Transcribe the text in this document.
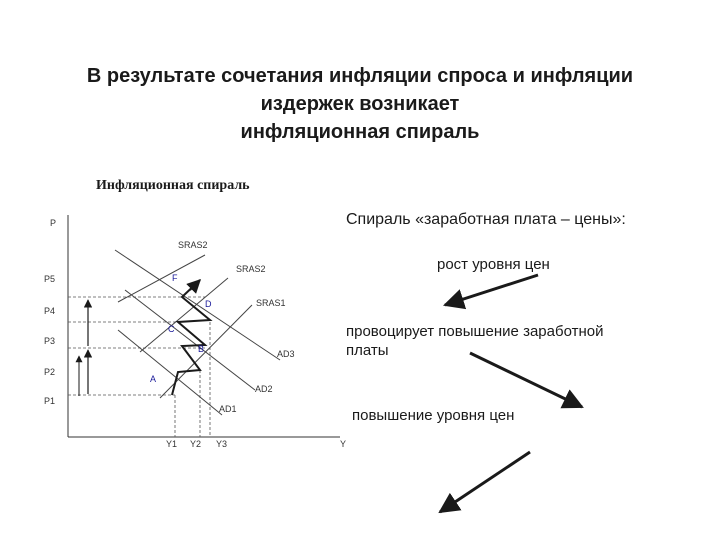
В результате сочетания инфляции спроса и инфляции
издержек возникает
инфляционная спираль
Инфляционная спираль
P
Y
P5
P4
P3
P2
P1
Y1 Y2 Y3
SRAS2
SRAS2
SRAS1
AD3
AD2
AD1
F
D
C
B
A
Спираль «заработная плата – цены»:
рост уровня цен
провоцирует повышение заработной
платы
повышение уровня цен
